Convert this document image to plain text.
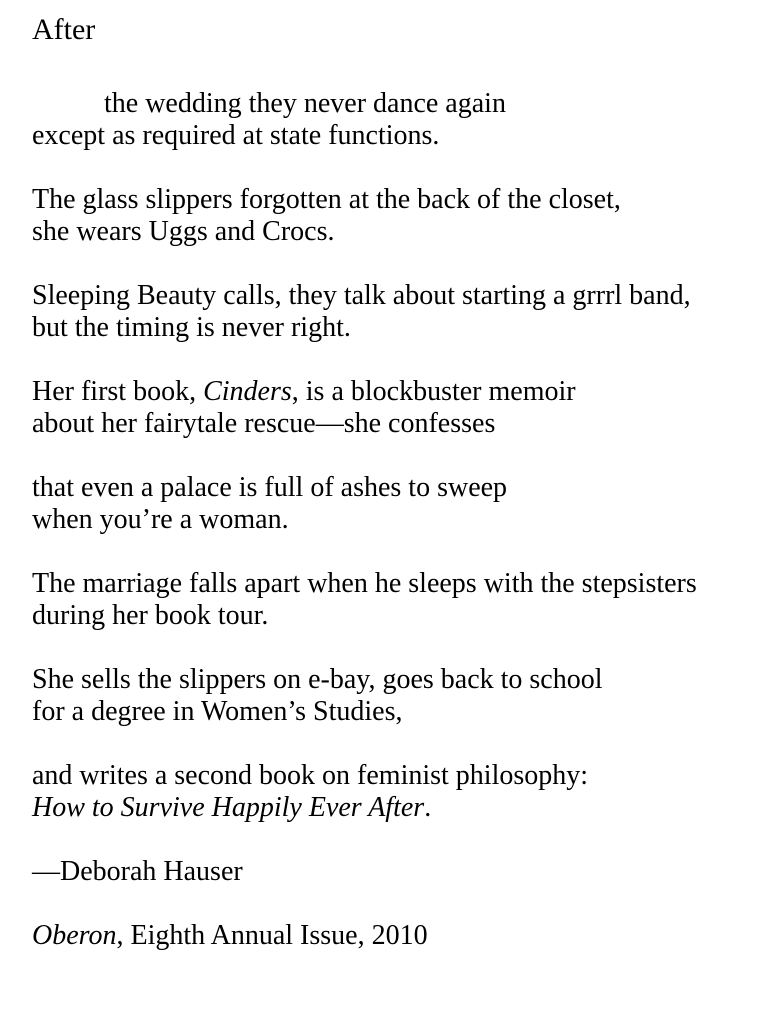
After
the wedding they never dance again
except as required at state functions.
The glass slippers forgotten at the back of the closet,
she wears Uggs and Crocs.
Sleeping Beauty calls, they talk about starting a grrrl band,
but the timing is never right.
Her first book, Cinders, is a blockbuster memoir
about her fairytale rescue—she confesses
that even a palace is full of ashes to sweep
when you’re a woman.
The marriage falls apart when he sleeps with the stepsisters
during her book tour.
She sells the slippers on e-bay, goes back to school
for a degree in Women’s Studies,
and writes a second book on feminist philosophy:
How to Survive Happily Ever After.

—Deborah Hauser

Oberon, Eighth Annual Issue, 2010
